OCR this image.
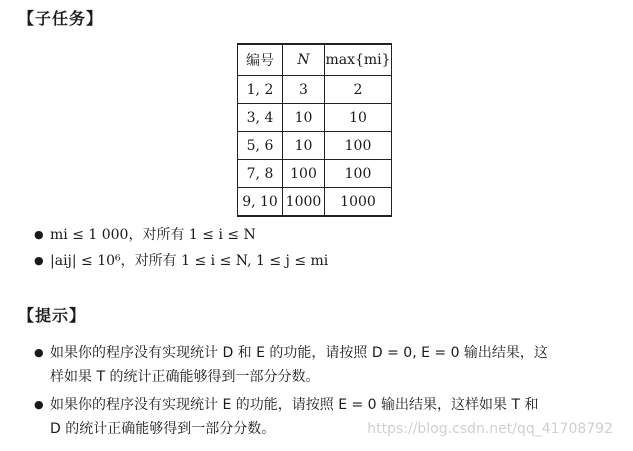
【子任务】
编号	N	max{mi}
1, 2	3	2
3, 4	10	10
5, 6	10	100
7, 8	100	100
9, 10	1000	1000
● mi ≤ 1 000，对所有 1 ≤ i ≤ N
● |aij| ≤ 10⁶，对所有 1 ≤ i ≤ N, 1 ≤ j ≤ mi
【提示】
● 如果你的程序没有实现统计 D 和 E 的功能，请按照 D = 0, E = 0 输出结果，这
样如果 T 的统计正确能够得到一部分分数。
● 如果你的程序没有实现统计 E 的功能，请按照 E = 0 输出结果，这样如果 T 和
D 的统计正确能够得到一部分分数。	https://blog.csdn.net/qq_41708792
